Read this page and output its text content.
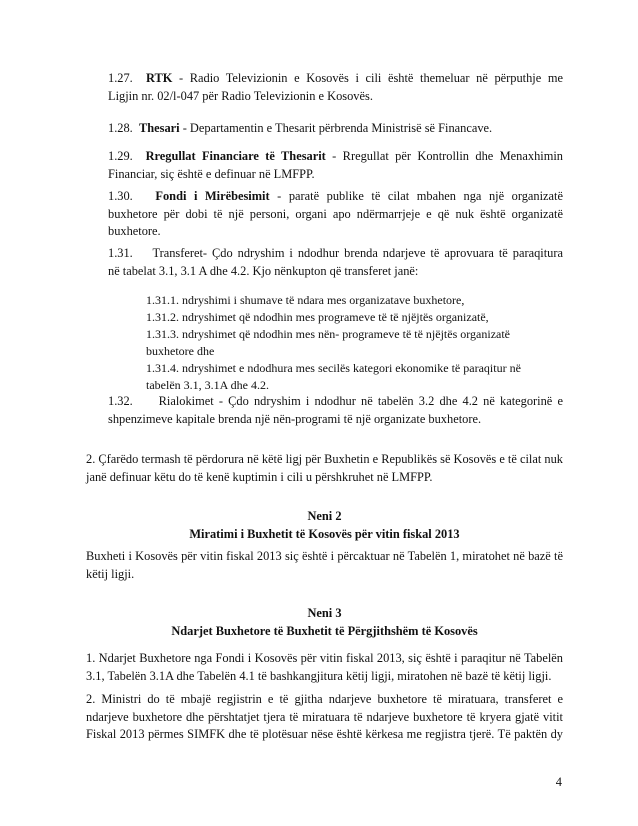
1.27. RTK - Radio Televizionin e Kosovës i cili është themeluar në përputhje me

Ligjin nr. 02/l-047 për Radio Televizionin e Kosovës.

1.28. Thesari - Departamentin e Thesarit përbrenda Ministrisë së Financave.

1.29. Rregullat Financiare të Thesarit - Rregullat për Kontrollin dhe Menaxhimin

Financiar, siç është e definuar në LMFPP.

1.30. Fondi i Mirëbesimit - paratë publike të cilat mbahen nga një organizatë

buxhetore për dobi të një personi, organi apo ndërmarrjeje e që nuk është organizatë buxhetore.

1.31. Transferet- Çdo ndryshim i ndodhur brenda ndarjeve të aprovuara të paraqitura

në tabelat 3.1, 3.1 A dhe 4.2. Kjo nënkupton që transferet janë:

1.31.1. ndryshimi i shumave të ndara mes organizatave buxhetore,

1.31.2. ndryshimet që ndodhin mes programeve të të njëjtës organizatë,

1.31.3. ndryshimet që ndodhin mes nën- programeve të të njëjtës organizatë

buxhetore dhe

1.31.4. ndryshimet e ndodhura mes secilës kategori ekonomike të paraqitur në

tabelën 3.1, 3.1A dhe 4.2.

1.32. Rialokimet - Çdo ndryshim i ndodhur në tabelën 3.2 dhe 4.2 në kategorinë e

shpenzimeve kapitale brenda një nën-programi të një organizate buxhetore.

2. Çfarëdo termash të përdorura në këtë ligj për Buxhetin e Republikës së Kosovës e të cilat nuk janë definuar këtu do të kenë kuptimin i cili u përshkruhet në LMFPP.

Neni 2

Miratimi i Buxhetit të Kosovës për vitin fiskal 2013

Buxheti i Kosovës për vitin fiskal 2013 siç është i përcaktuar në Tabelën 1, miratohet në bazë të këtij ligji.

Neni 3

Ndarjet Buxhetore të Buxhetit të Përgjithshëm të Kosovës

1. Ndarjet Buxhetore nga Fondi i Kosovës për vitin fiskal 2013, siç është i paraqitur në Tabelën 3.1, Tabelën 3.1A dhe Tabelën 4.1 të bashkangjitura këtij ligji, miratohen në bazë të këtij ligji.

2. Ministri do të mbajë regjistrin e të gjitha ndarjeve buxhetore të miratuara, transferet e ndarjeve buxhetore dhe përshtatjet tjera të miratuara të ndarjeve buxhetore të kryera gjatë vitit Fiskal 2013 përmes SIMFK dhe të plotësuar nëse është kërkesa me regjistra tjerë. Të paktën dy

4
